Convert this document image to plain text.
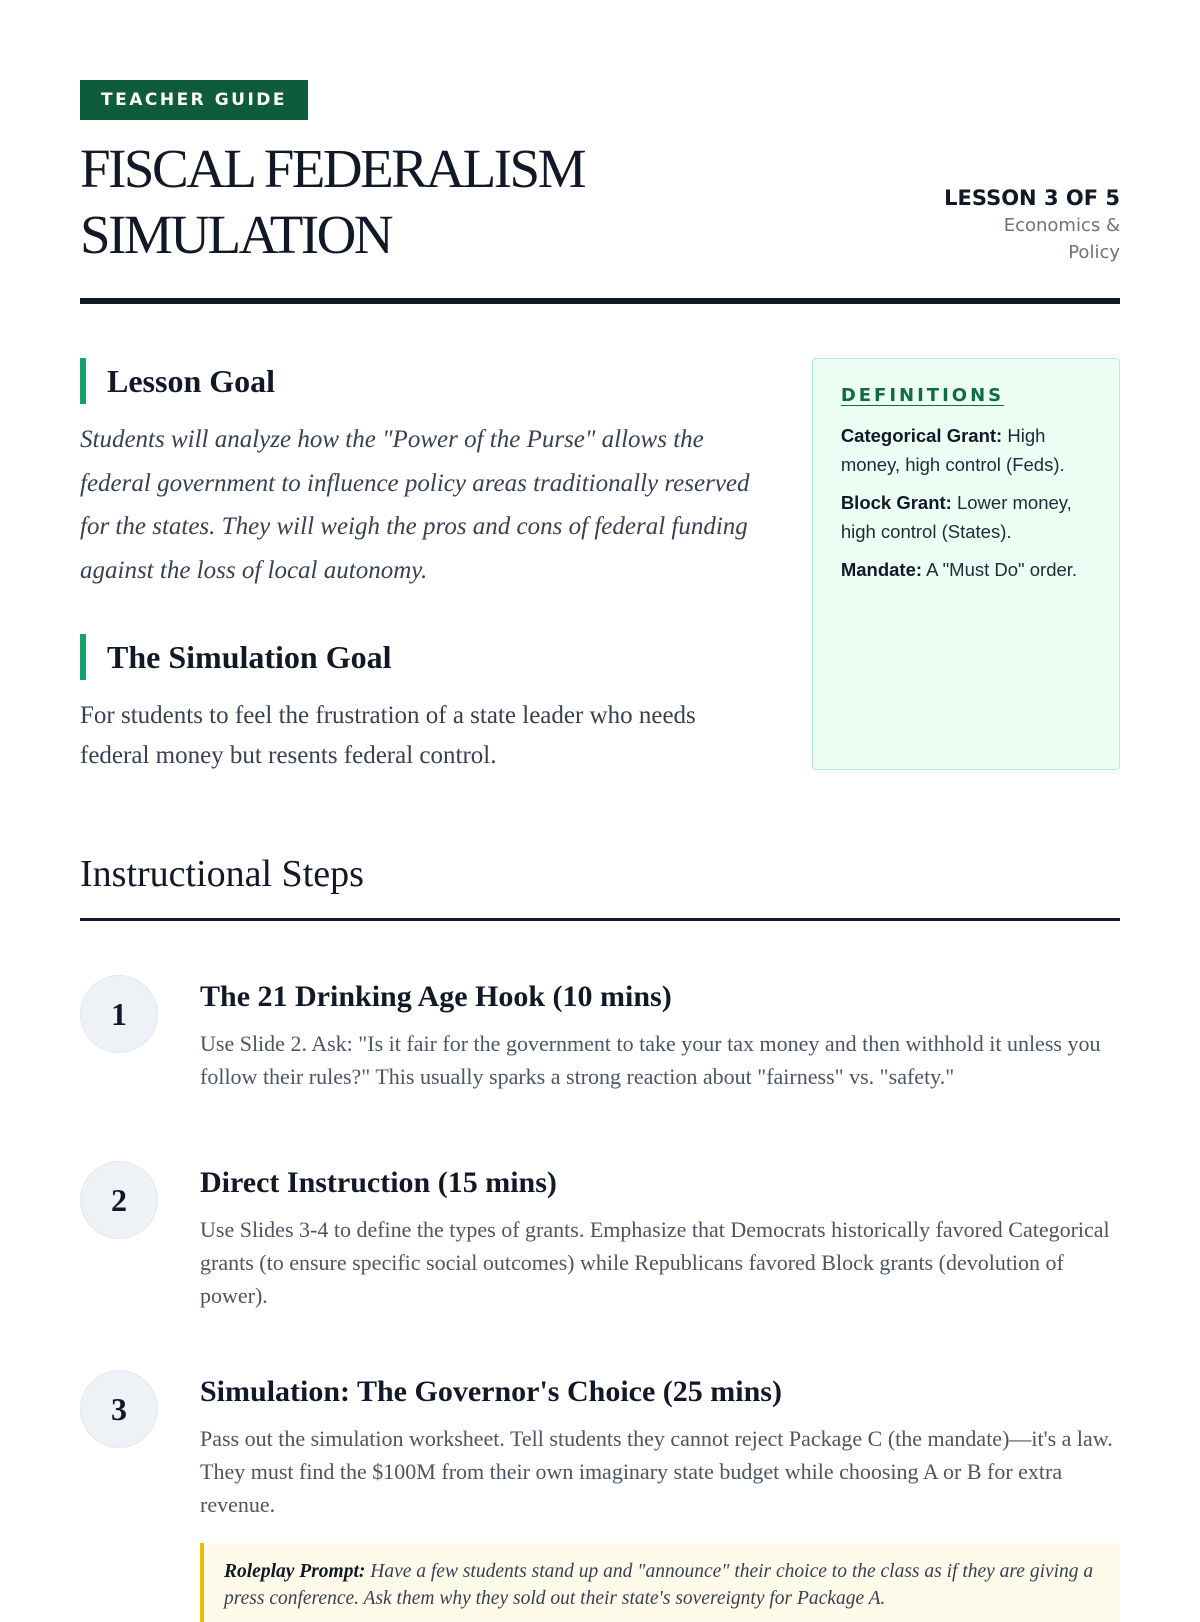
TEACHER GUIDE
FISCAL FEDERALISM
SIMULATION
LESSON 3 OF 5
Economics & Policy
Lesson Goal

Students will analyze how the "Power of the Purse" allows the federal government to influence policy areas traditionally reserved for the states. They will weigh the pros and cons of federal funding against the loss of local autonomy.

The Simulation Goal

For students to feel the frustration of a state leader who needs federal money but resents federal control.

DEFINITIONS
Categorical Grant: High money, high control (Feds).
Block Grant: Lower money, high control (States).
Mandate: A "Must Do" order.
Instructional Steps
1	The 21 Drinking Age Hook (10 mins)

Use Slide 2. Ask: "Is it fair for the government to take your tax money and then withhold it unless you follow their rules?" This usually sparks a strong reaction about "fairness" vs. "safety."

2	Direct Instruction (15 mins)

Use Slides 3-4 to define the types of grants. Emphasize that Democrats historically favored Categorical grants (to ensure specific social outcomes) while Republicans favored Block grants (devolution of power).

3	Simulation: The Governor's Choice (25 mins)

Pass out the simulation worksheet. Tell students they cannot reject Package C (the mandate)—it's a law. They must find the $100M from their own imaginary state budget while choosing A or B for extra revenue.

Roleplay Prompt: Have a few students stand up and "announce" their choice to the class as if they are giving a press conference. Ask them why they sold out their state's sovereignty for Package A.
